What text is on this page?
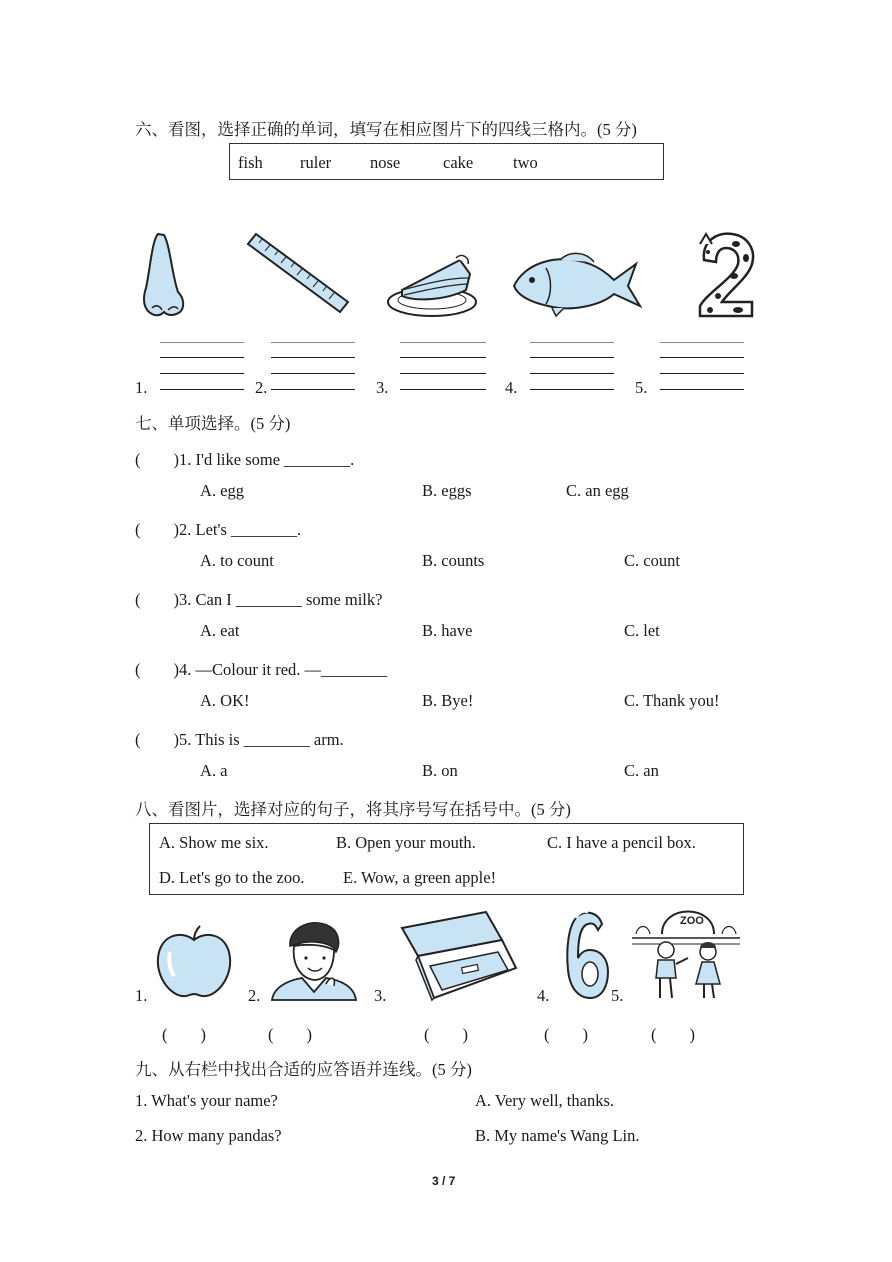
六、看图，选择正确的单词，填写在相应图片下的四线三格内。(5 分)
fish ruler nose	cake two
1.	2.	3.	4.	5.
七、单项选择。(5 分)
(　　)1. I'd like some ________.
A. egg	B. eggs	C. an egg
(　　)2. Let's ________.
A. to count	B. counts	C. count
(　　)3. Can I ________ some milk?
A. eat	B. have	C. let
(　　)4. —Colour it red. —________
A. OK!	B. Bye!	C. Thank you!
(　　)5. This is ________ arm.
A. a	B. on	C. an
八、看图片，选择对应的句子，将其序号写在括号中。(5 分)
A. Show me six.	B. Open your mouth.	C. I have a pencil box.
D. Let's go to the zoo. E. Wow, a green apple!
ZOO
1.	2.	3.	4.	5.
(　　)	(　　)	(　　)	(　　)	(　　)
九、从右栏中找出合适的应答语并连线。(5 分)
1. What's your name?	A. Very well, thanks.
2. How many pandas?	B. My name's Wang Lin.
3 / 7
